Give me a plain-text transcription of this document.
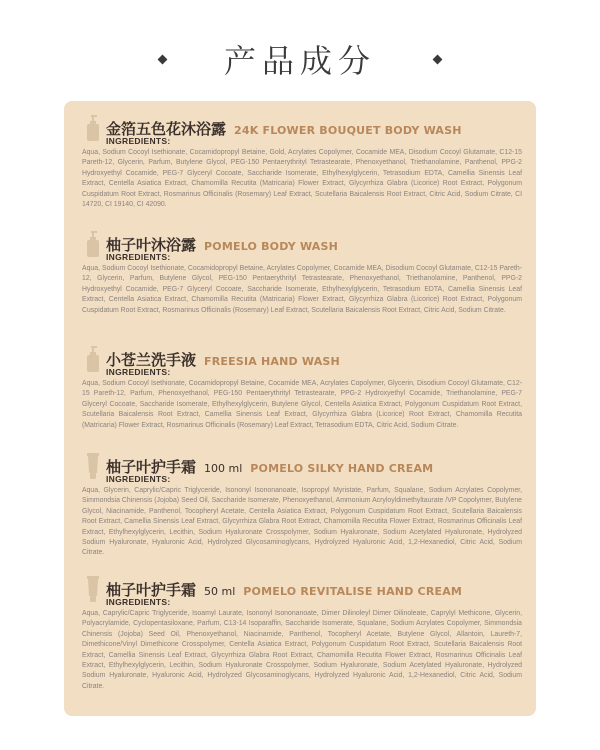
产品成分
金箔五色花沐浴露 24K FLOWER BOUQUET BODY WASH
INGREDIENTS:
Aqua, Sodium Cocoyl Isethionate, Cocamidopropyl Betaine, Gold, Acrylates Copolymer, Cocamide MEA, Disodium Cocoyl Glutamate, C12-15 Pareth-12, Glycerin, Parfum, Butylene Glycol, PEG-150 Pentaerythrityl Tetrastearate, Phenoxyethanol, Triethanolamine, Panthenol, PPG-2 Hydroxyethyl Cocamide, PEG-7 Glyceryl Cocoate, Saccharide Isomerate, Ethylhexylglycerin, Tetrasodium EDTA, Camellia Sinensis Leaf Extract, Centella Asiatica Extract, Chamomilla Recutita (Matricaria) Flower Extract, Glycyrrhiza Glabra (Licorice) Root Extract, Polygonum Cuspidatum Root Extract, Rosmarinus Officinalis (Rosemary) Leaf Extract, Scutellaria Baicalensis Root Extract, Citric Acid, Sodium Citrate, CI 14720, CI 19140, CI 42090.
柚子叶沐浴露 POMELO BODY WASH
INGREDIENTS:
Aqua, Sodium Cocoyl Isethionate, Cocamidopropyl Betaine, Acrylates Copolymer, Cocamide MEA, Disodium Cocoyl Glutamate, C12-15 Pareth-12, Glycerin, Parfum, Butylene Glycol, PEG-150 Pentaerythrityl Tetrastearate, Phenoxyethanol, Triethanolamine, Panthenol, PPG-2 Hydroxyethyl Cocamide, PEG-7 Glyceryl Cocoate, Saccharide Isomerate, Ethylhexylglycerin, Tetrasodium EDTA, Camellia Sinensis Leaf Extract, Centella Asiatica Extract, Chamomilla Recutita (Matricaria) Flower Extract, Glycyrrhiza Glabra (Licorice) Root Extract, Polygonum Cuspidatum Root Extract, Rosmarinus Officinalis (Rosemary) Leaf Extract, Scutellaria Baicalensis Root Extract, Citric Acid, Sodium Citrate.
小苍兰洗手液 FREESIA HAND WASH
INGREDIENTS:
Aqua, Sodium Cocoyl Isethionate, Cocamidopropyl Betaine, Cocamide MEA, Acrylates Copolymer, Glycerin, Disodium Cocoyl Glutamate, C12-15 Pareth-12, Parfum, Phenoxyethanol, PEG-150 Pentaerythrityl Tetrastearate, PPG-2 Hydroxyethyl Cocamide, Triethanolamine, PEG-7 Glyceryl Cocoate, Saccharide Isomerate, Ethylhexylglycerin, Butylene Glycol, Centella Asiatica Extract, Polygonum Cuspidatum Root Extract, Scutellaria Baicalensis Root Extract, Camellia Sinensis Leaf Extract, Glycyrrhiza Glabra (Licorice) Root Extract, Chamomilla Recutita (Matricaria) Flower Extract, Rosmarinus Officinalis (Rosemary) Leaf Extract, Tetrasodium EDTA, Citric Acid, Sodium Citrate.
柚子叶护手霜 100 ml POMELO SILKY HAND CREAM
INGREDIENTS:
Aqua, Glycerin, Caprylic/Capric Triglyceride, Isononyl Isononanoate, Isopropyl Myristate, Parfum, Squalane, Sodium Acrylates Copolymer, Simmondsia Chinensis (Jojoba) Seed Oil, Saccharide Isomerate, Phenoxyethanol, Ammonium Acryloyldimethyltaurate /VP Copolymer, Butylene Glycol, Niacinamide, Panthenol, Tocopheryl Acetate, Centella Asiatica Extract, Polygonum Cuspidatum Root Extract, Scutellaria Baicalensis Root Extract, Camellia Sinensis Leaf Extract, Glycyrrhiza Glabra Root Extract, Chamomilla Recutita Flower Extract, Rosmarinus Officinalis Leaf Extract, Ethylhexylglycerin, Lecithin, Sodium Hyaluronate Crosspolymer, Sodium Hyaluronate, Sodium Acetylated Hyaluronate, Hydrolyzed Sodium Hyaluronate, Hyaluronic Acid, Hydrolyzed Glycosaminoglycans, Hydrolyzed Hyaluronic Acid, 1,2-Hexanediol, Citric Acid, Sodium Citrate.
柚子叶护手霜 50 ml POMELO REVITALISE HAND CREAM
INGREDIENTS:
Aqua, Caprylic/Capric Triglyceride, Isoamyl Laurate, Isononyl Isononanoate, Dimer Dilinoleyl Dimer Dilinoleate, Caprylyl Methicone, Glycerin, Polyacrylamide, Cyclopentasiloxane, Parfum, C13-14 Isoparaffin, Saccharide Isomerate, Squalane, Sodium Acrylates Copolymer, Simmondsia Chinensis (Jojoba) Seed Oil, Phenoxyethanol, Niacinamide, Panthenol, Tocopheryl Acetate, Butylene Glycol, Allantoin, Laureth-7, Dimethicone/Vinyl Dimethicone Crosspolymer, Centella Asiatica Extract, Polygonum Cuspidatum Root Extract, Scutellaria Baicalensis Root Extract, Camellia Sinensis Leaf Extract, Glycyrrhiza Glabra Root Extract, Chamomilla Recutita Flower Extract, Rosmarinus Officinalis Leaf Extract, Ethylhexylglycerin, Lecithin, Sodium Hyaluronate Crosspolymer, Sodium Hyaluronate, Sodium Acetylated Hyaluronate, Hydrolyzed Sodium Hyaluronate, Hyaluronic Acid, Hydrolyzed Glycosaminoglycans, Hydrolyzed Hyaluronic Acid, 1,2-Hexanediol, Citric Acid, Sodium Citrate.
